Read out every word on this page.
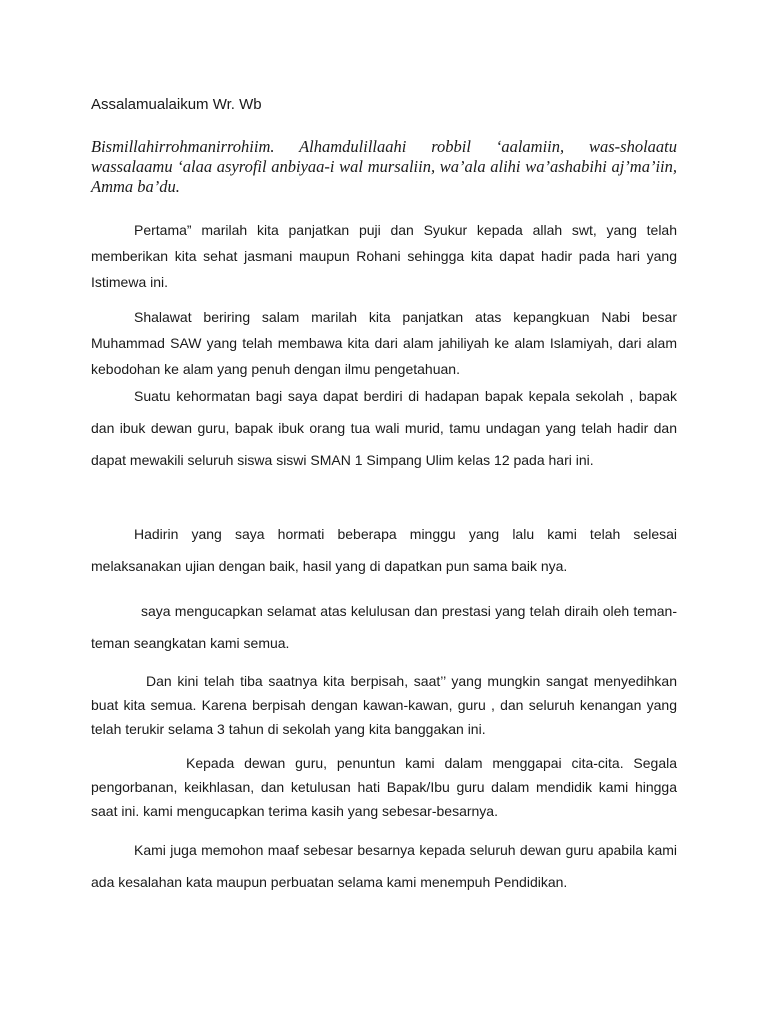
Assalamualaikum Wr. Wb
Bismillahirrohmanirrohiim. Alhamdulillaahi robbil ‘aalamiin, was-sholaatu wassalaamu ‘alaa asyrofil anbiyaa-i wal mursaliin, wa’ala alihi wa’ashabihi aj’ma’iin, Amma ba’du.

Pertama” marilah kita panjatkan puji dan Syukur kepada allah swt, yang telah memberikan kita sehat jasmani maupun Rohani sehingga kita dapat hadir pada hari yang Istimewa ini.

Shalawat beriring salam marilah kita panjatkan atas kepangkuan Nabi besar Muhammad SAW yang telah membawa kita dari alam jahiliyah ke alam Islamiyah, dari alam kebodohan ke alam yang penuh dengan ilmu pengetahuan.

Suatu kehormatan bagi saya dapat berdiri di hadapan bapak kepala sekolah , bapak dan ibuk dewan guru, bapak ibuk orang tua wali murid, tamu undagan yang telah hadir dan dapat mewakili seluruh siswa siswi SMAN 1 Simpang Ulim kelas 12 pada hari ini.

Hadirin yang saya hormati beberapa minggu yang lalu kami telah selesai melaksanakan ujian dengan baik, hasil yang di dapatkan pun sama baik nya.

saya mengucapkan selamat atas kelulusan dan prestasi yang telah diraih oleh teman-teman seangkatan kami semua.

Dan kini telah tiba saatnya kita berpisah, saat’’ yang mungkin sangat menyedihkan buat kita semua. Karena berpisah dengan kawan-kawan, guru , dan seluruh kenangan yang telah terukir selama 3 tahun di sekolah yang kita banggakan ini.

Kepada dewan guru, penuntun kami dalam menggapai cita-cita. Segala pengorbanan, keikhlasan, dan ketulusan hati Bapak/Ibu guru dalam mendidik kami hingga saat ini. kami mengucapkan terima kasih yang sebesar-besarnya.

Kami juga memohon maaf sebesar besarnya kepada seluruh dewan guru apabila kami ada kesalahan kata maupun perbuatan selama kami menempuh Pendidikan.
